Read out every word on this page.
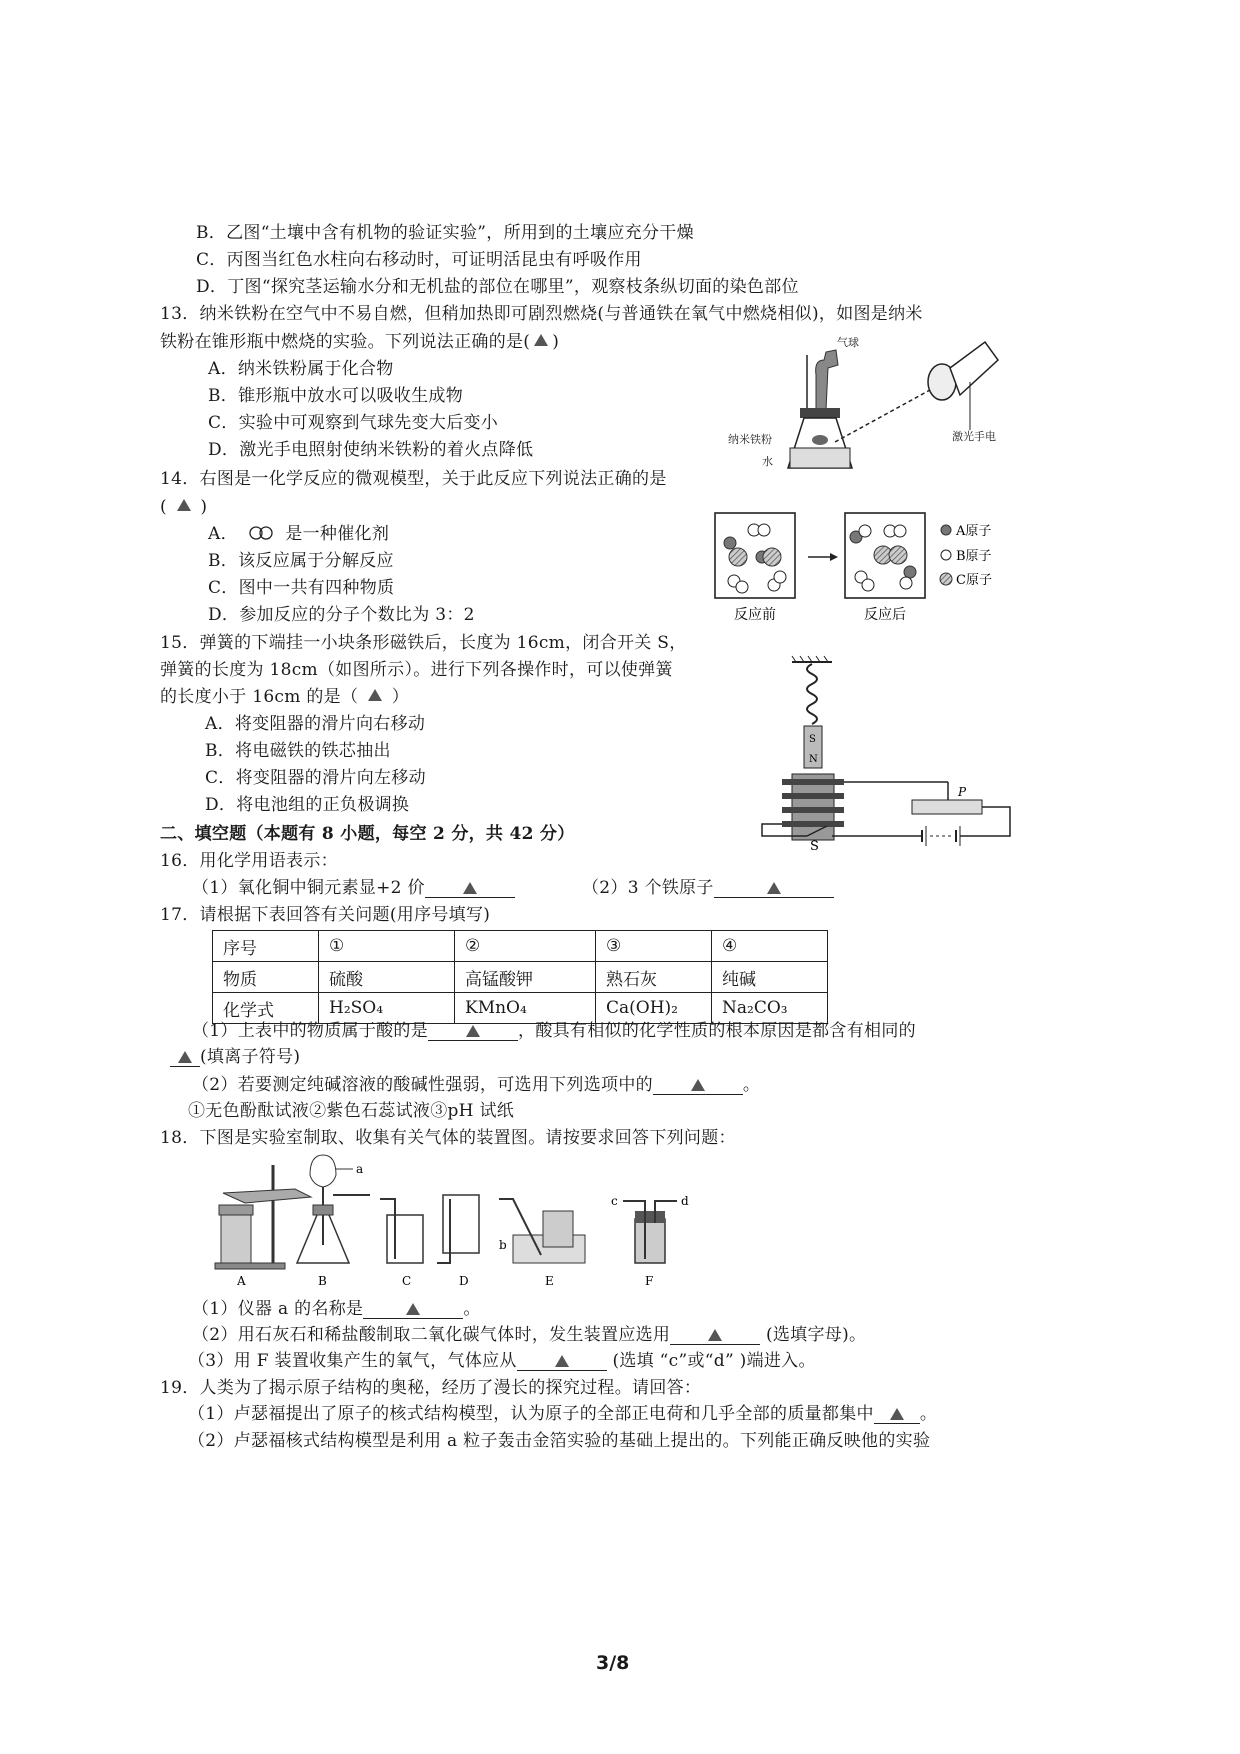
B．乙图“土壤中含有机物的验证实验”，所用到的土壤应充分干燥
C．丙图当红色水柱向右移动时，可证明活昆虫有呼吸作用
D．丁图“探究茎运输水分和无机盐的部位在哪里”，观察枝条纵切面的染色部位
13．纳米铁粉在空气中不易自燃，但稍加热即可剧烈燃烧(与普通铁在氧气中燃烧相似)，如图是纳米
铁粉在锥形瓶中燃烧的实验。下列说法正确的是( )
A．纳米铁粉属于化合物
B．锥形瓶中放水可以吸收生成物
C．实验中可观察到气球先变大后变小
D．激光手电照射使纳米铁粉的着火点降低
气球
激光手电
纳米铁粉
水
14．右图是一化学反应的微观模型，关于此反应下列说法正确的是
( )
A．	是一种催化剂
B．该反应属于分解反应
C．图中一共有四种物质
D．参加反应的分子个数比为 3：2
A原子
B原子
C原子
反应前	反应后
15．弹簧的下端挂一小块条形磁铁后，长度为 16cm，闭合开关 S，
弹簧的长度为 18cm（如图所示）。进行下列各操作时，可以使弹簧
的长度小于 16cm 的是（ ）
A．将变阻器的滑片向右移动
B．将电磁铁的铁芯抽出
C．将变阻器的滑片向左移动
D．将电池组的正负极调换
S
N
P
S
二、填空题（本题有 8 小题，每空 2 分，共 42 分）
16．用化学用语表示：
（1）氧化铜中铜元素显+2 价	（2）3 个铁原子
17．请根据下表回答有关问题(用序号填写)
序号	①	②	③	④
物质	硫酸	高锰酸钾	熟石灰	纯碱
化学式	H₂SO₄	KMnO₄	Ca(OH)₂	Na₂CO₃
（1）上表中的物质属于酸的是	，酸具有相似的化学性质的根本原因是都含有相同的
(填离子符号)
（2）若要测定纯碱溶液的酸碱性强弱，可选用下列选项中的	。
①无色酚酞试液②紫色石蕊试液③pH 试纸
18．下图是实验室制取、收集有关气体的装置图。请按要求回答下列问题：
A
a
B	C	D
b
E
c	d
F
（1）仪器 a 的名称是	。
（2）用石灰石和稀盐酸制取二氧化碳气体时，发生装置应选用	(选填字母)。
（3）用 F 装置收集产生的氧气，气体应从	(选填 “c”或“d” )端进入。
19．人类为了揭示原子结构的奥秘，经历了漫长的探究过程。请回答：
（1）卢瑟福提出了原子的核式结构模型，认为原子的全部正电荷和几乎全部的质量都集中	。
（2）卢瑟福核式结构模型是利用 a 粒子轰击金箔实验的基础上提出的。下列能正确反映他的实验
3/8
